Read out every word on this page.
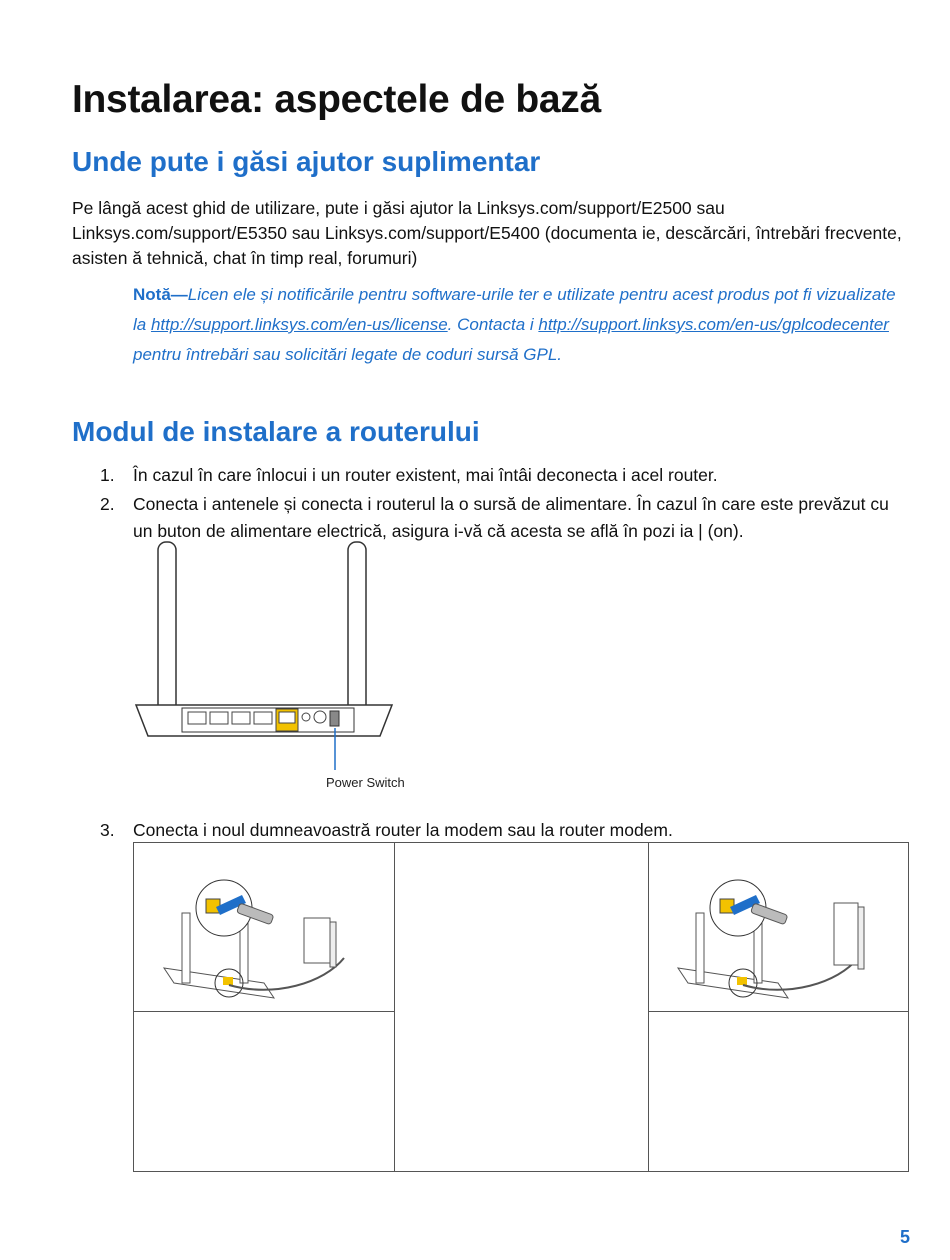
Instalarea: aspectele de bază
Unde pute i găsi ajutor suplimentar

Pe lângă acest ghid de utilizare, pute i găsi ajutor la Linksys.com/support/E2500 sau Linksys.com/support/E5350 sau Linksys.com/support/E5400 (documenta ie, descărcări, întrebări frecvente, asisten ă tehnică, chat în timp real, forumuri)

Notă—Licen ele și notificările pentru software-urile ter e utilizate pentru acest produs pot fi vizualizate la http://support.linksys.com/en-us/license. Contacta i http://support.linksys.com/en-us/gplcodecenter pentru întrebări sau solicitări legate de coduri sursă GPL.

Modul de instalare a routerului
1.	În cazul în care înlocui i un router existent, mai întâi deconecta i acel router.
2.	Conecta i antenele și conecta i routerul la o sursă de alimentare. În cazul în care este prevăzut cu un buton de alimentare electrică, asigura i-vă că acesta se află în pozi ia | (on).
Power Switch
3.	Conecta i noul dumneavoastră router la modem sau la router modem.
5
